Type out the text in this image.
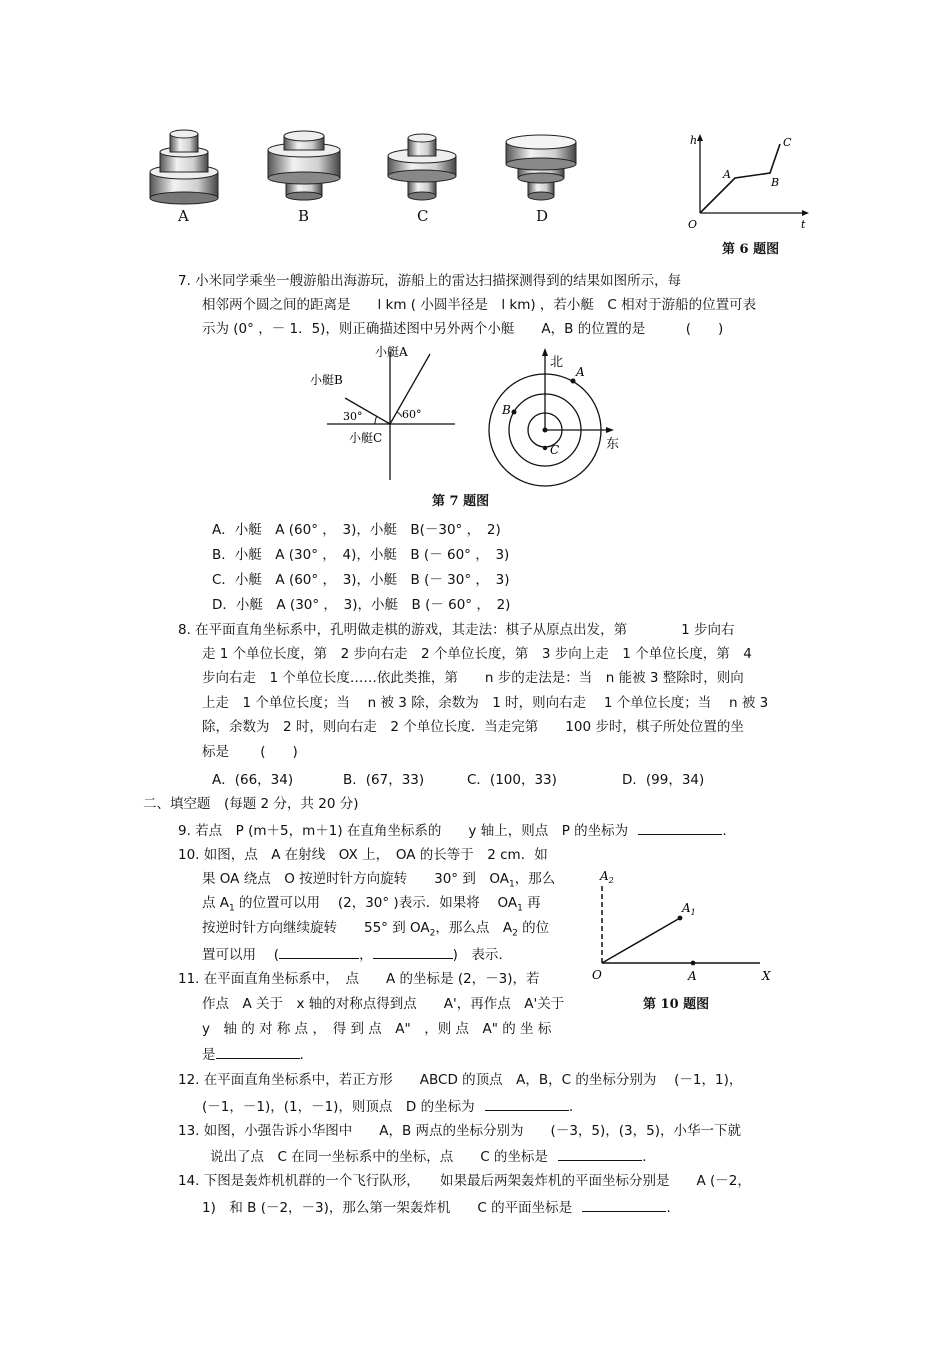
A	B	C	D
h
t
O
A
B
C
第 6 题图
7. 小米同学乘坐一艘游船出海游玩，游船上的雷达扫描探测得到的结果如图所示，每
相邻两个圆之间的距离是　　l km ( 小圆半径是　l km) ，若小艇　C 相对于游船的位置可表
示为 (0° ，－ 1．5)，则正确描述图中另外两个小艇　　A，B 的位置的是　　　(　　)
小艇A
小艇B
小艇C
30°	60°
北
东
A
B
C
第 7 题图
A．小艇　A (60° ，　3)，小艇　B(－30° ，　2)
B．小艇　A (30° ，　4)，小艇　B (－ 60° ，　3)
C．小艇　A (60° ，　3)，小艇　B (－ 30° ，　3)
D．小艇　A (30° ，　3)，小艇　B (－ 60° ，　2)
8. 在平面直角坐标系中，孔明做走棋的游戏，其走法：棋子从原点出发，第　　　　1 步向右
走 1 个单位长度，第　2 步向右走　2 个单位长度，第　3 步向上走　1 个单位长度，第　4
步向右走　1 个单位长度……依此类推，第　　n 步的走法是：当　n 能被 3 整除时，则向
上走　1 个单位长度；当　 n 被 3 除，余数为　1 时，则向右走　 1 个单位长度；当　 n 被 3
除，余数为　2 时，则向右走　2 个单位长度．当走完第　　100 步时，棋子所处位置的坐
标是　　 (　　)
A．(66，34)	B．(67，33)	C．(100，33)	D．(99，34)
二、填空题　(每题 2 分，共 20 分)
9. 若点　P (m＋5，m＋1) 在直角坐标系的　　y 轴上，则点　P 的坐标为	.
10. 如图，点　A 在射线　OX 上，　OA 的长等于　2 cm．如
果 OA 绕点　O 按逆时针方向旋转　　30° 到　$OA_1$，那么
点 $A_1$ 的位置可以用　 (2，30° )表示．如果将　 $OA_1$ 再
按逆时针方向继续旋转　　55° 到 $OA_2$，那么点　$A_2$ 的位
置可以用　 (	，	)　表示.
$A_2$
$A_1$
O	A	X
第 10 题图
11. 在平面直角坐标系中，　点　　A 的坐标是 (2，－3)，若
作点　A 关于　x 轴的对称点得到点　　A'，再作点　A'关于
y　轴 的 对 称 点 ，　得 到 点　A"　，则 点　A" 的 坐 标
是	.
12. 在平面直角坐标系中，若正方形　　ABCD 的顶点　A，B，C 的坐标分别为　 (－1，1)，
(－1，－1)，(1，－1)，则顶点　D 的坐标为	.
13. 如图，小强告诉小华图中　　A，B 两点的坐标分别为　　(－3，5)，(3，5)，小华一下就
说出了点　C 在同一坐标系中的坐标，点　　C 的坐标是	.
14. 下图是轰炸机机群的一个飞行队形，　　如果最后两架轰炸机的平面坐标分别是　　A (－2，
1)　和 B (－2，－3)，那么第一架轰炸机　　C 的平面坐标是	.
